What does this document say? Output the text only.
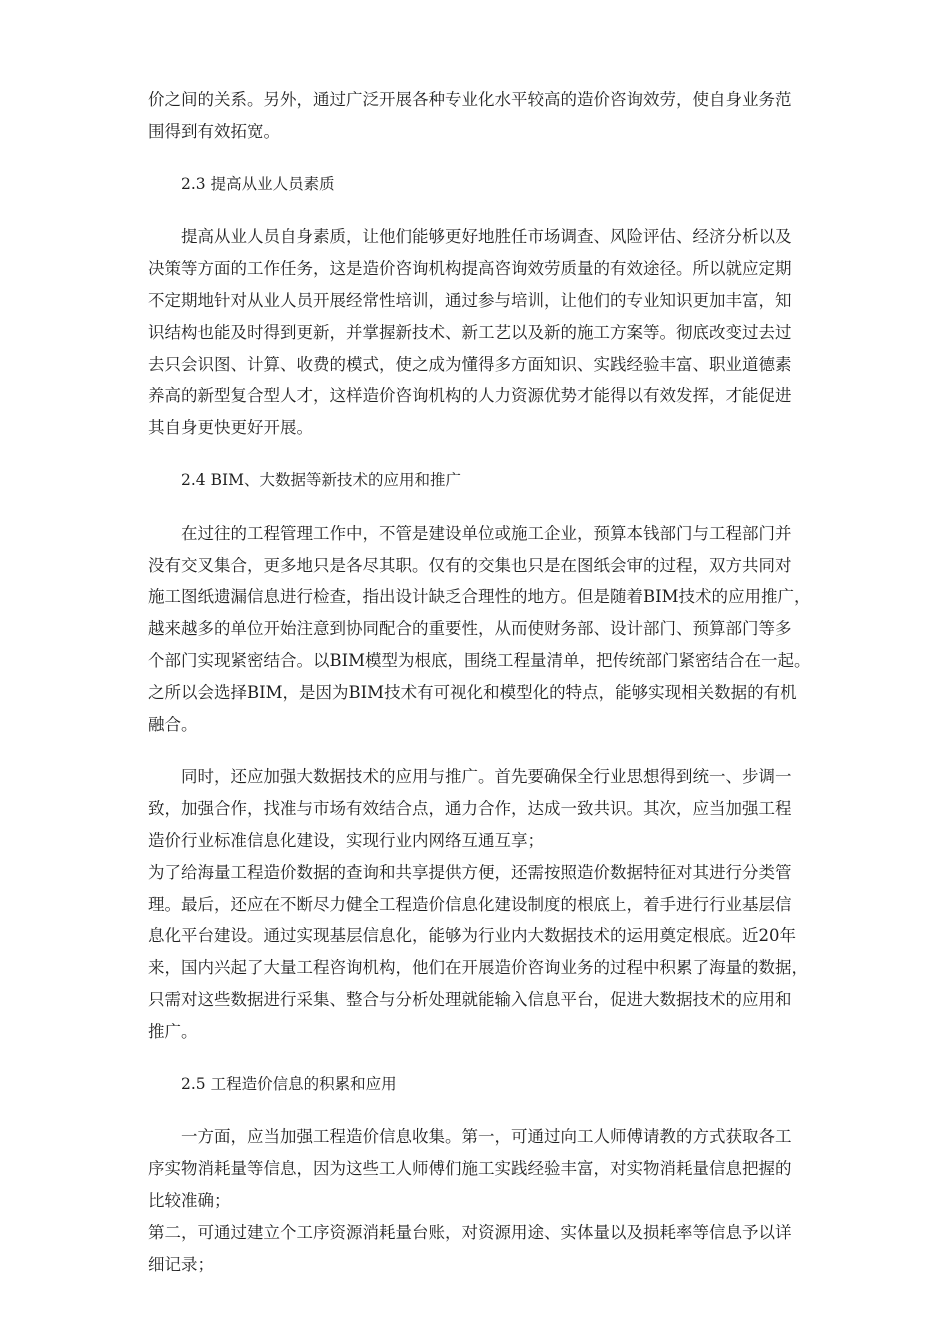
价之间的关系。另外，通过广泛开展各种专业化水平较高的造价咨询效劳，使自身业务范
围得到有效拓宽。
2.3 提高从业人员素质
提高从业人员自身素质，让他们能够更好地胜任市场调查、风险评估、经济分析以及
决策等方面的工作任务，这是造价咨询机构提高咨询效劳质量的有效途径。所以就应定期
不定期地针对从业人员开展经常性培训，通过参与培训，让他们的专业知识更加丰富，知
识结构也能及时得到更新，并掌握新技术、新工艺以及新的施工方案等。彻底改变过去过
去只会识图、计算、收费的模式，使之成为懂得多方面知识、实践经验丰富、职业道德素
养高的新型复合型人才，这样造价咨询机构的人力资源优势才能得以有效发挥，才能促进
其自身更快更好开展。
2.4 BIM、大数据等新技术的应用和推广
在过往的工程管理工作中，不管是建设单位或施工企业，预算本钱部门与工程部门并
没有交叉集合，更多地只是各尽其职。仅有的交集也只是在图纸会审的过程，双方共同对
施工图纸遗漏信息进行检查，指出设计缺乏合理性的地方。但是随着BIM技术的应用推广，
越来越多的单位开始注意到协同配合的重要性，从而使财务部、设计部门、预算部门等多
个部门实现紧密结合。以BIM模型为根底，围绕工程量清单，把传统部门紧密结合在一起。
之所以会选择BIM，是因为BIM技术有可视化和模型化的特点，能够实现相关数据的有机
融合。
同时，还应加强大数据技术的应用与推广。首先要确保全行业思想得到统一、步调一
致，加强合作，找准与市场有效结合点，通力合作，达成一致共识。其次，应当加强工程
造价行业标准信息化建设，实现行业内网络互通互享；
为了给海量工程造价数据的查询和共享提供方便，还需按照造价数据特征对其进行分类管
理。最后，还应在不断尽力健全工程造价信息化建设制度的根底上，着手进行行业基层信
息化平台建设。通过实现基层信息化，能够为行业内大数据技术的运用奠定根底。近20年
来，国内兴起了大量工程咨询机构，他们在开展造价咨询业务的过程中积累了海量的数据，
只需对这些数据进行采集、整合与分析处理就能输入信息平台，促进大数据技术的应用和
推广。
2.5 工程造价信息的积累和应用
一方面，应当加强工程造价信息收集。第一，可通过向工人师傅请教的方式获取各工
序实物消耗量等信息，因为这些工人师傅们施工实践经验丰富，对实物消耗量信息把握的
比较准确；
第二，可通过建立个工序资源消耗量台账，对资源用途、实体量以及损耗率等信息予以详
细记录；
